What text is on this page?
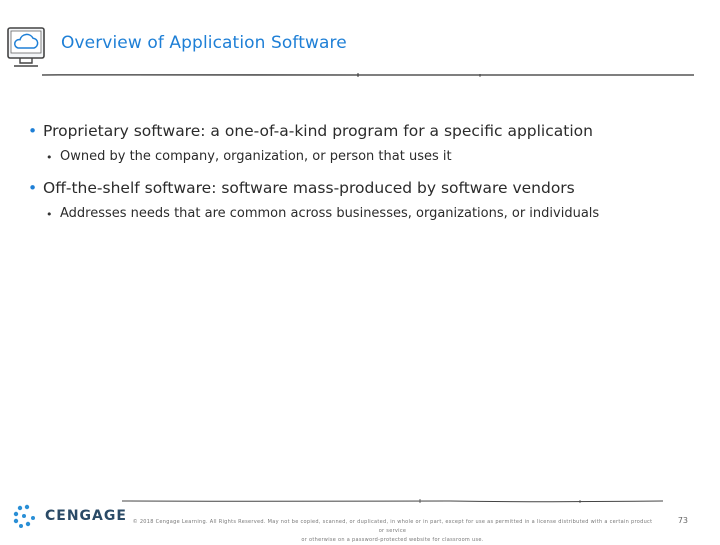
Overview of Application Software
• Proprietary software: a one-of-a-kind program for a specific application
• Owned by the company, organization, or person that uses it
• Off-the-shelf software: software mass-produced by software vendors
• Addresses needs that are common across businesses, organizations, or individuals
CENGAGE	© 2018 Cengage Learning. All Rights Reserved. May not be copied, scanned, or duplicated, in whole or in part, except for use as permitted in a license distributed with a certain product or service
or otherwise on a password-protected website for classroom use.
73
